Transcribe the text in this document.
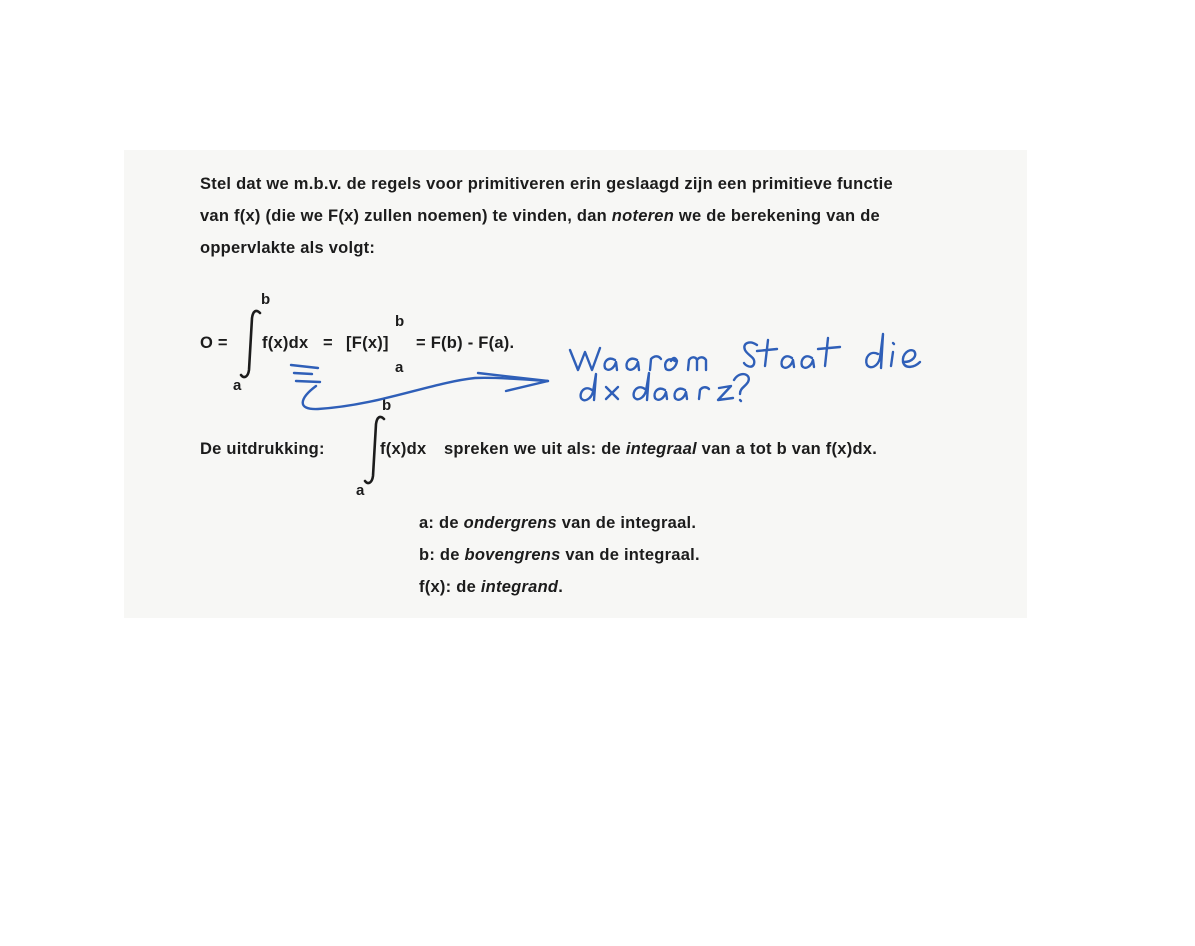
Stel dat we m.b.v. de regels voor primitiveren erin geslaagd zijn een primitieve functie
van f(x) (die we F(x) zullen noemen) te vinden, dan noteren we de berekening van de
oppervlakte als volgt:
b
a
O = f(x)dx = [F(x)]
b
a
= F(b) - F(a).
b
a
De uitdrukking:	f(x)dx spreken we uit als: de integraal van a tot b van f(x)dx.
a: de ondergrens van de integraal.
b: de bovengrens van de integraal.
f(x): de integrand.
